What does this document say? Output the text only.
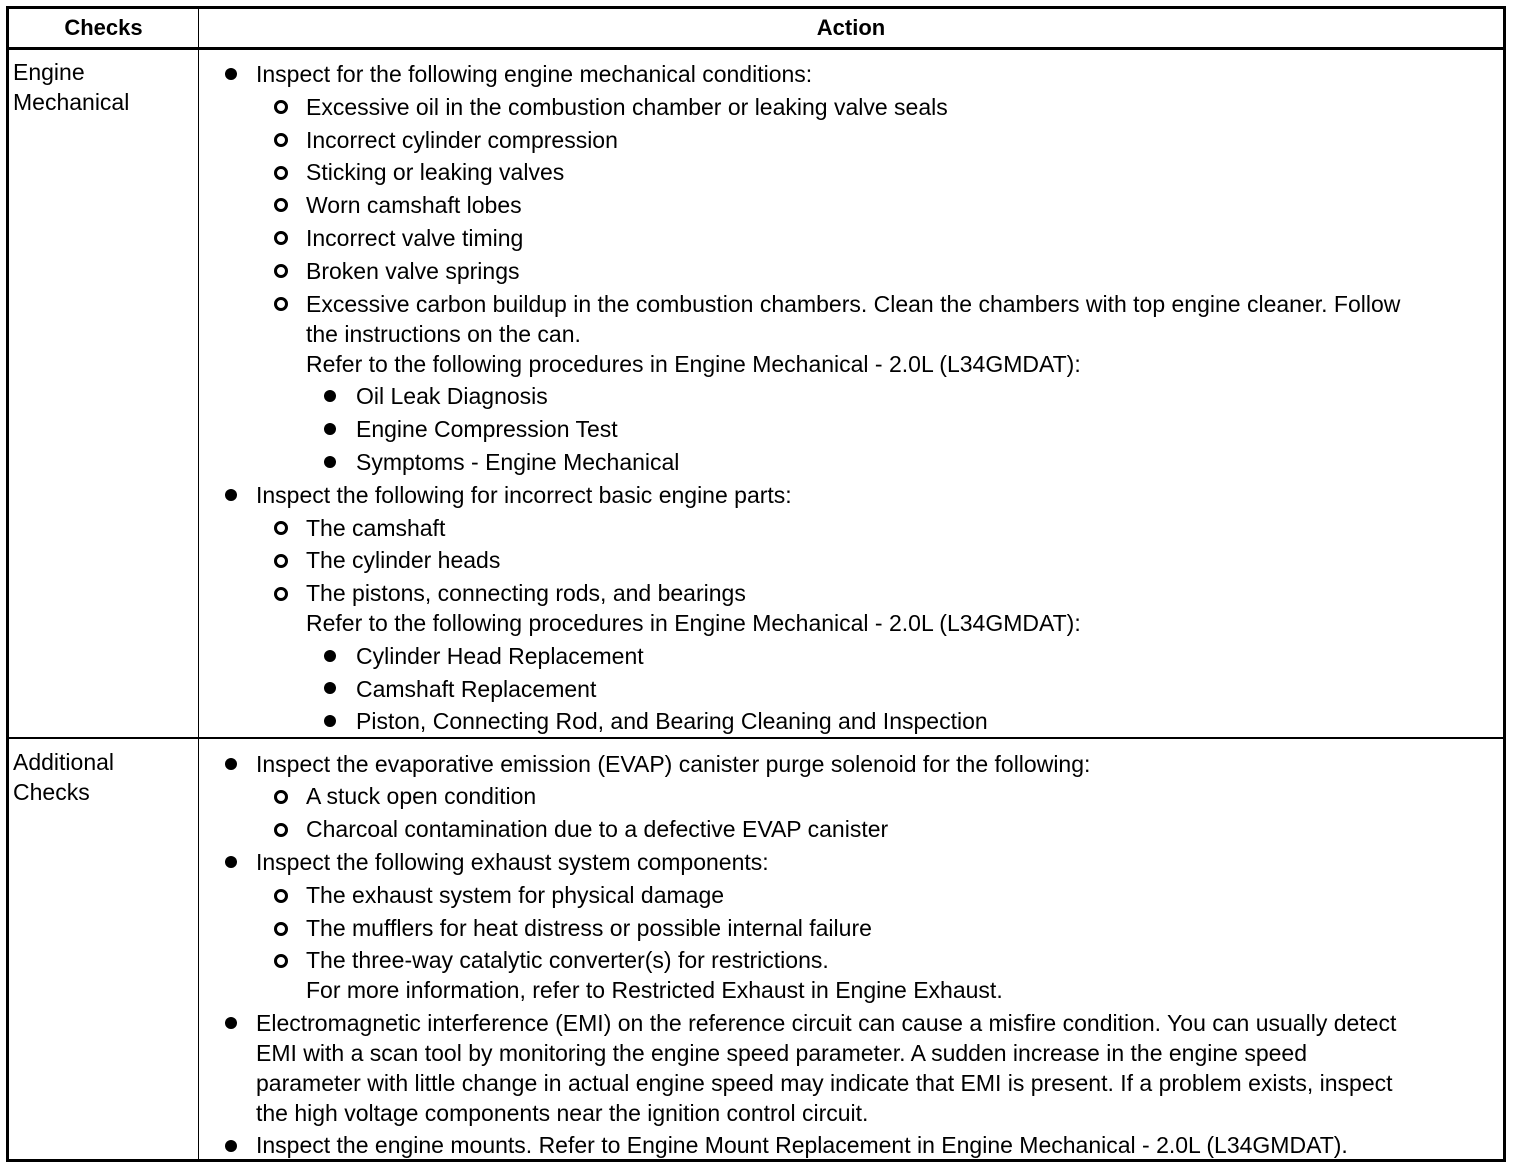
Checks	Action
Engine
Mechanical
Inspect for the following engine mechanical conditions:
Excessive oil in the combustion chamber or leaking valve seals
Incorrect cylinder compression
Sticking or leaking valves
Worn camshaft lobes
Incorrect valve timing
Broken valve springs
Excessive carbon buildup in the combustion chambers. Clean the chambers with top engine cleaner. Follow
the instructions on the can.
Refer to the following procedures in Engine Mechanical - 2.0L (L34GMDAT):
Oil Leak Diagnosis
Engine Compression Test
Symptoms - Engine Mechanical
Inspect the following for incorrect basic engine parts:
The camshaft
The cylinder heads
The pistons, connecting rods, and bearings
Refer to the following procedures in Engine Mechanical - 2.0L (L34GMDAT):
Cylinder Head Replacement
Camshaft Replacement
Piston, Connecting Rod, and Bearing Cleaning and Inspection
Additional
Checks
Inspect the evaporative emission (EVAP) canister purge solenoid for the following:
A stuck open condition
Charcoal contamination due to a defective EVAP canister
Inspect the following exhaust system components:
The exhaust system for physical damage
The mufflers for heat distress or possible internal failure
The three-way catalytic converter(s) for restrictions.
For more information, refer to Restricted Exhaust in Engine Exhaust.
Electromagnetic interference (EMI) on the reference circuit can cause a misfire condition. You can usually detect
EMI with a scan tool by monitoring the engine speed parameter. A sudden increase in the engine speed
parameter with little change in actual engine speed may indicate that EMI is present. If a problem exists, inspect
the high voltage components near the ignition control circuit.
Inspect the engine mounts. Refer to Engine Mount Replacement in Engine Mechanical - 2.0L (L34GMDAT).
